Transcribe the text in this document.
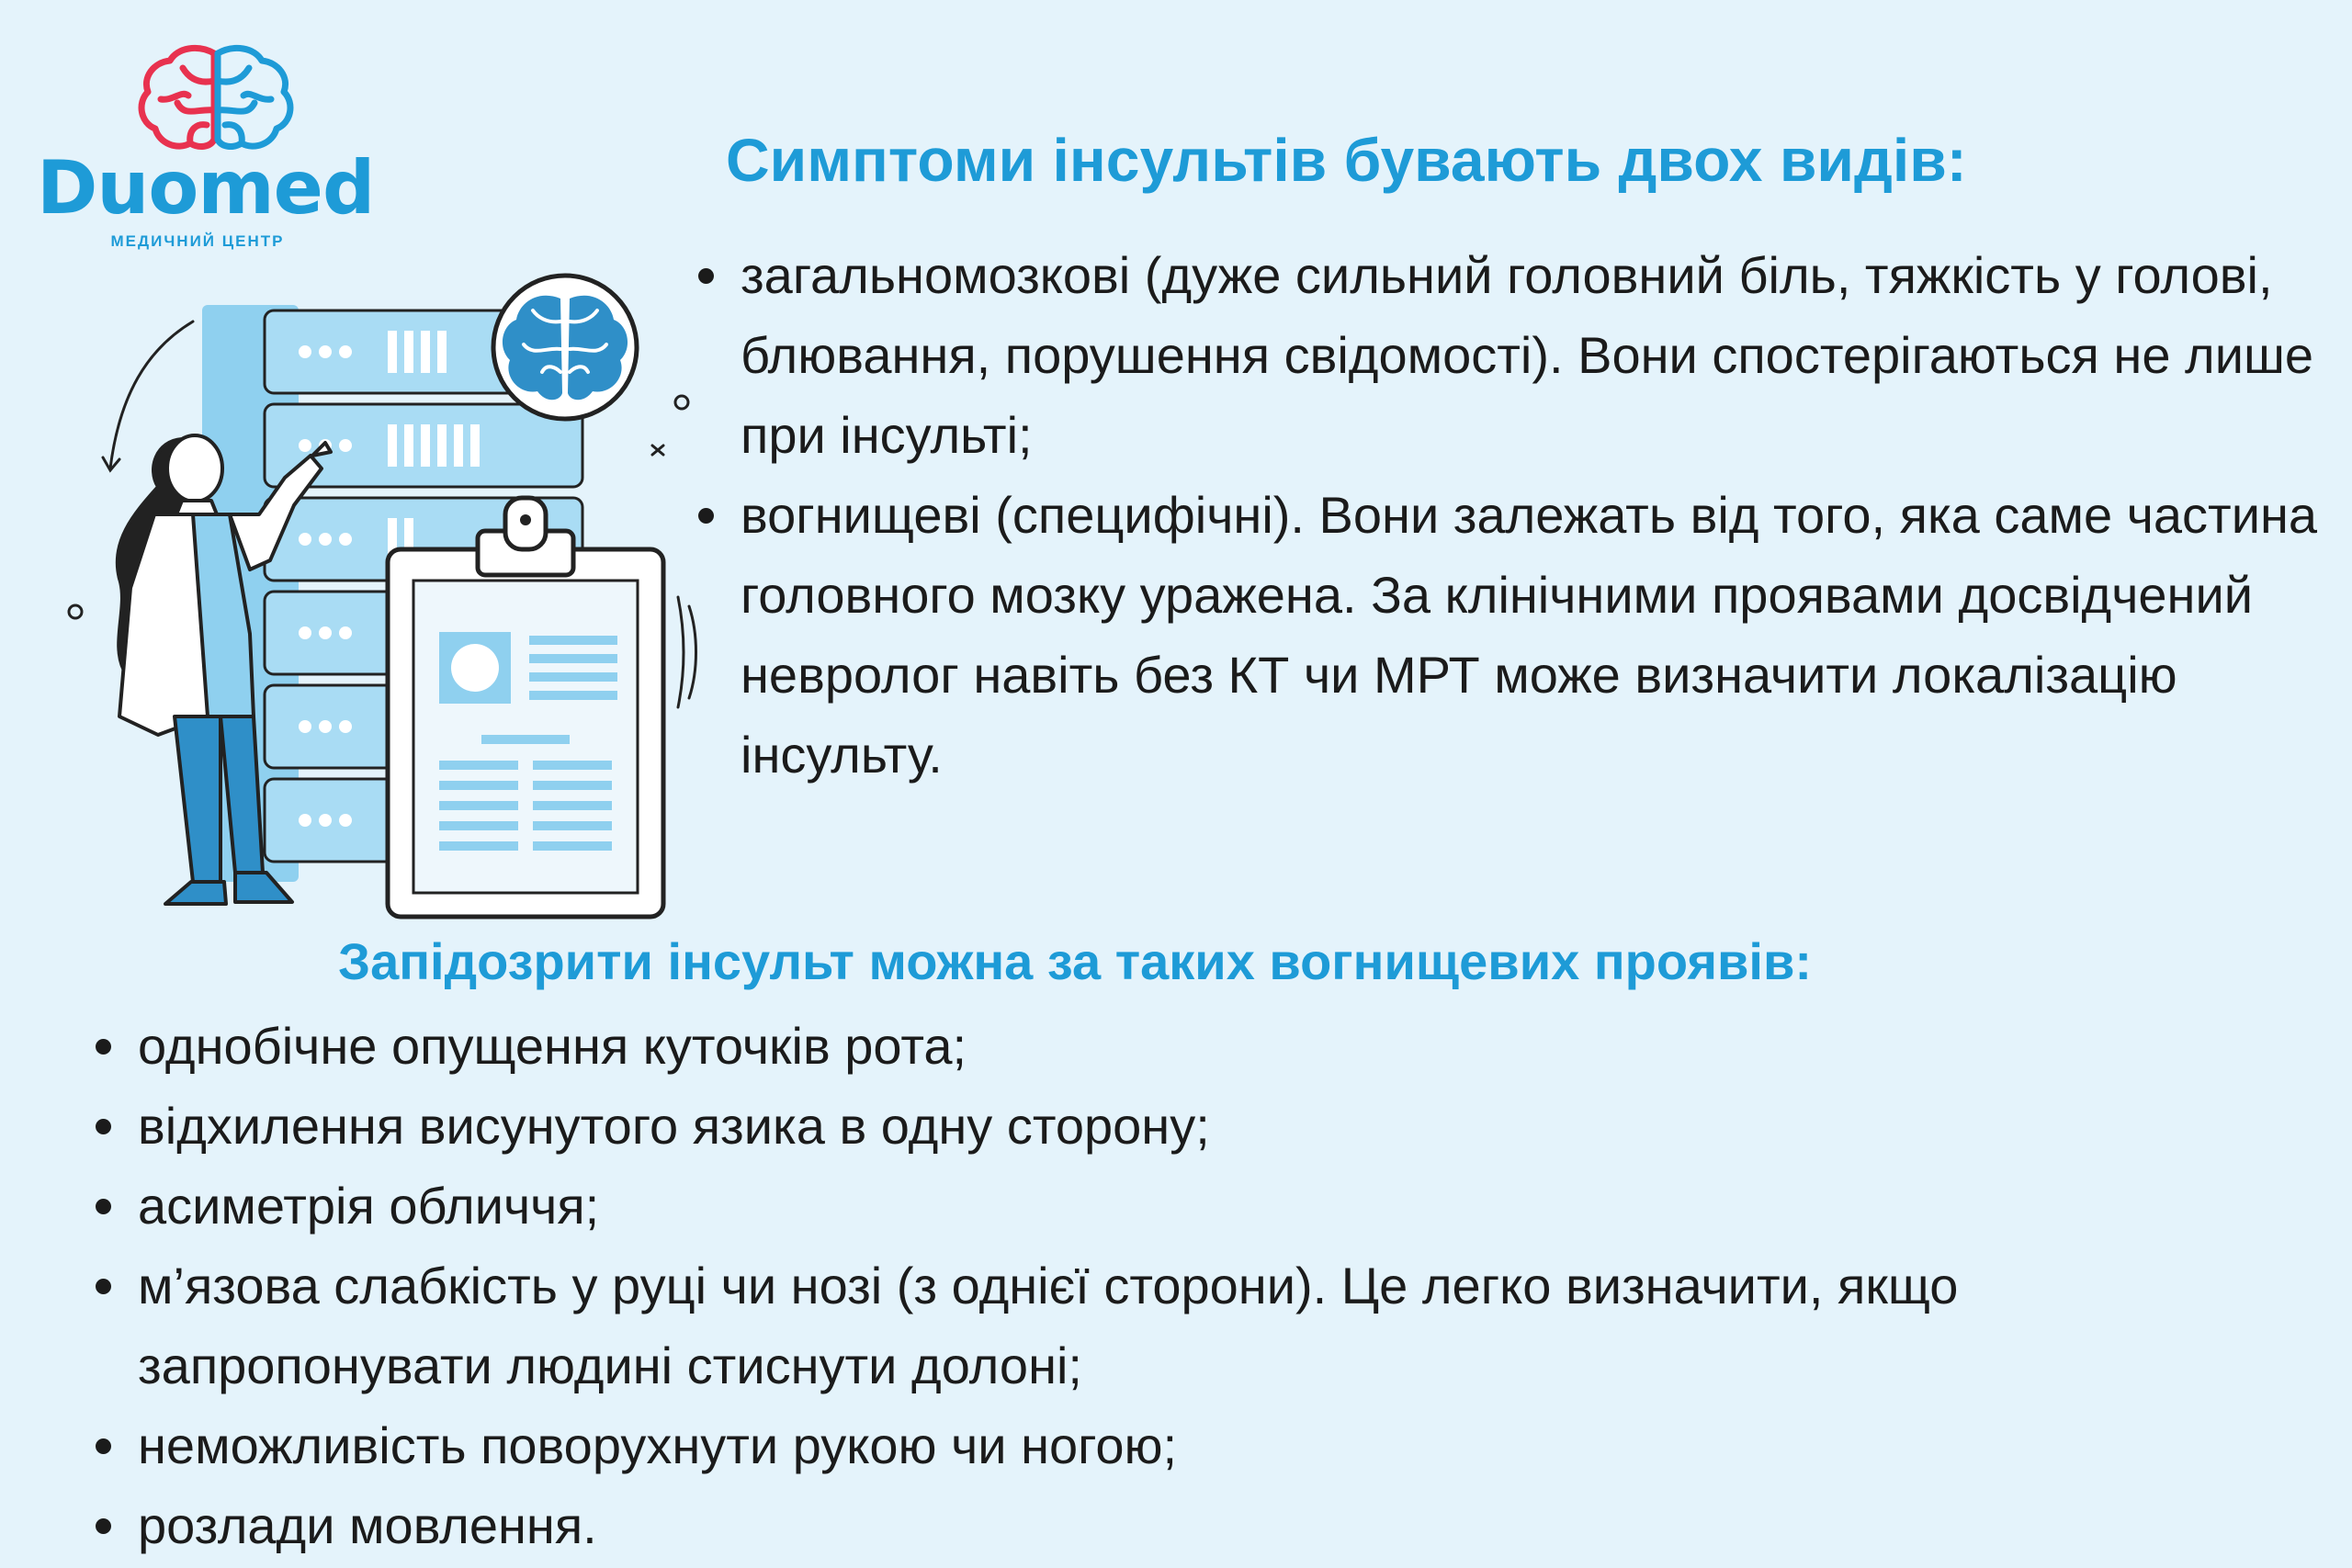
Duomed
МЕДИЧНИЙ ЦЕНТР
Симптоми інсультів бувають двох видів:
загальномозкові (дуже сильний головний біль, тяжкість у голові, блювання, порушення свідомості). Вони спостерігаються не лише при інсульті;
вогнищеві (специфічні). Вони залежать від того, яка саме частина головного мозку уражена. За клінічними проявами досвідчений невролог навіть без КТ чи МРТ може визначити локалізацію інсульту.
Запідозрити інсульт можна за таких вогнищевих проявів:
однобічне опущення куточків рота;
відхилення висунутого язика в одну сторону;
асиметрія обличчя;
м’язова слабкість у руці чи нозі (з однієї сторони). Це легко визначити, якщо запропонувати людині стиснути долоні;
неможливість поворухнути рукою чи ногою;
розлади мовлення.
